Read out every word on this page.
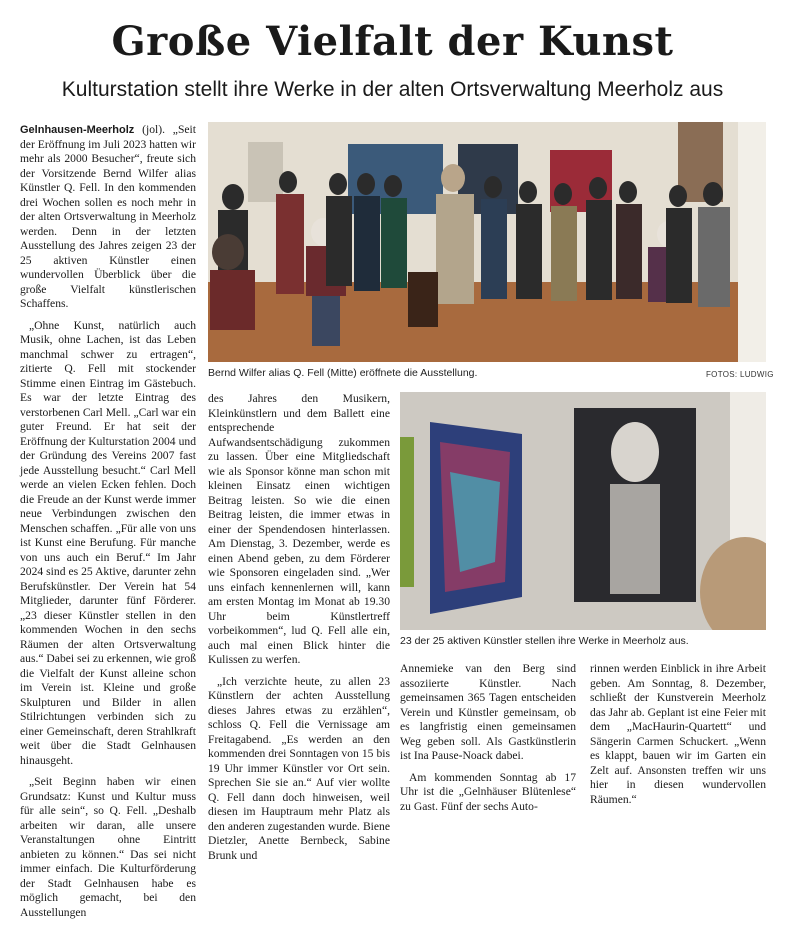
Große Vielfalt der Kunst
Kulturstation stellt ihre Werke in der alten Ortsverwaltung Meerholz aus
Bernd Wilfer alias Q. Fell (Mitte) eröffnete die Ausstellung.	FOTOS: LUDWIG
23 der 25 aktiven Künstler stellen ihre Werke in Meerholz aus.

Gelnhausen-Meerholz (jol). „Seit der Eröffnung im Juli 2023 hatten wir mehr als 2000 Besucher“, freute sich der Vorsitzende Bernd Wilfer alias Künstler Q. Fell. In den kommenden drei Wochen sollen es noch mehr in der alten Ortsverwaltung in Meerholz werden. Denn in der letzten Ausstellung des Jahres zeigen 23 der 25 aktiven Künstler einen wundervollen Überblick über die große Vielfalt künstlerischen Schaffens.

„Ohne Kunst, natürlich auch Musik, ohne Lachen, ist das Leben manchmal schwer zu ertragen“, zitierte Q. Fell mit stockender Stimme einen Eintrag im Gästebuch. Es war der letzte Eintrag des verstorbenen Carl Mell. „Carl war ein guter Freund. Er hat seit der Eröffnung der Kulturstation 2004 und der Gründung des Vereins 2007 fast jede Ausstellung besucht.“ Carl Mell werde an vielen Ecken fehlen. Doch die Freude an der Kunst werde immer neue Verbindungen zwischen den Menschen schaffen. „Für alle von uns ist Kunst eine Berufung. Für manche von uns auch ein Beruf.“ Im Jahr 2024 sind es 25 Aktive, darunter zehn Berufskünstler. Der Verein hat 54 Mitglieder, darunter fünf Förderer. „23 dieser Künstler stellen in den kommenden Wochen in den sechs Räumen der alten Ortsverwaltung aus.“ Dabei sei zu erkennen, wie groß die Vielfalt der Kunst alleine schon im Verein ist. Kleine und große Skulpturen und Bilder in allen Stilrichtungen verbinden sich zu einer Gemeinschaft, deren Strahlkraft weit über die Stadt Gelnhausen hinausgeht.

„Seit Beginn haben wir einen Grundsatz: Kunst und Kultur muss für alle sein“, so Q. Fell. „Deshalb arbeiten wir daran, alle unsere Veranstaltungen ohne Eintritt anbieten zu können.“ Das sei nicht immer einfach. Die Kulturförderung der Stadt Gelnhausen habe es möglich gemacht, bei den Ausstellungen

des Jahres den Musikern, Kleinkünstlern und dem Ballett eine entsprechende Aufwandsentschädigung zukommen zu lassen. Über eine Mitgliedschaft wie als Sponsor könne man schon mit kleinen Einsatz einen wichtigen Beitrag leisten. So wie die einen Beitrag leisten, die immer etwas in einer der Spendendosen hinterlassen. Am Dienstag, 3. Dezember, werde es einen Abend geben, zu dem Förderer wie Sponsoren eingeladen sind. „Wer uns einfach kennenlernen will, kann am ersten Montag im Monat ab 19.30 Uhr beim Künstlertreff vorbeikommen“, lud Q. Fell alle ein, auch mal einen Blick hinter die Kulissen zu werfen.

„Ich verzichte heute, zu allen 23 Künstlern der achten Ausstellung dieses Jahres etwas zu erzählen“, schloss Q. Fell die Vernissage am Freitagabend. „Es werden an den kommenden drei Sonntagen von 15 bis 19 Uhr immer Künstler vor Ort sein. Sprechen Sie sie an.“ Auf vier wollte Q. Fell dann doch hinweisen, weil diesen im Hauptraum mehr Platz als den anderen zugestanden wurde. Biene Dietzler, Anette Bernbeck, Sabine Brunk und

Annemieke van den Berg sind assoziierte Künstler. Nach gemeinsamen 365 Tagen entscheiden Verein und Künstler gemeinsam, ob es langfristig einen gemeinsamen Weg geben soll. Als Gastkünstlerin ist Ina Pause-Noack dabei.

Am kommenden Sonntag ab 17 Uhr ist die „Gelnhäuser Blütenlese“ zu Gast. Fünf der sechs Auto-

rinnen werden Einblick in ihre Arbeit geben. Am Sonntag, 8. Dezember, schließt der Kunstverein Meerholz das Jahr ab. Geplant ist eine Feier mit dem „MacHaurin-Quartett“ und Sängerin Carmen Schuckert. „Wenn es klappt, bauen wir im Garten ein Zelt auf. Ansonsten treffen wir uns hier in diesen wundervollen Räumen.“
